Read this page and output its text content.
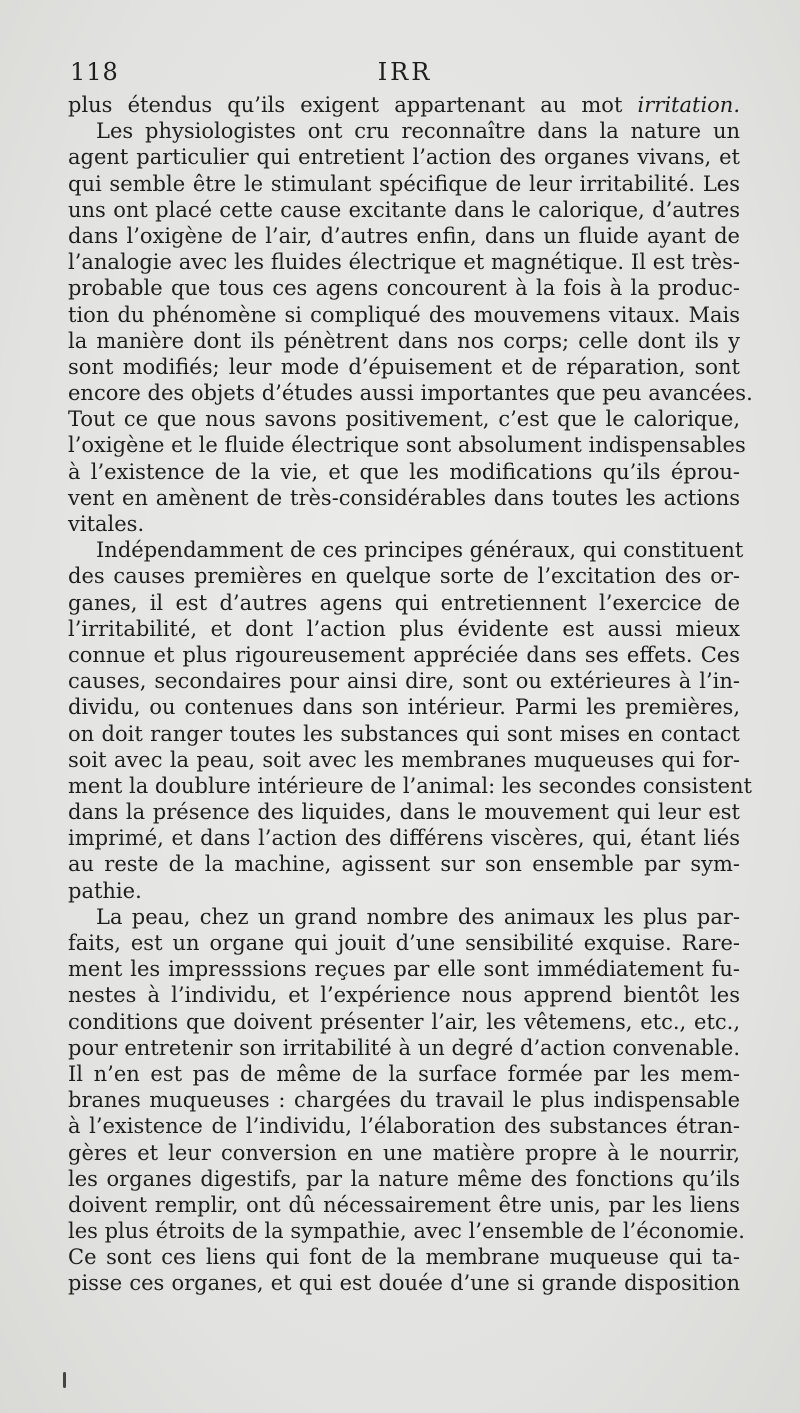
118	IRR
plus étendus qu’ils exigent appartenant au mot irritation.
Les physiologistes ont cru reconnaître dans la nature un
agent particulier qui entretient l’action des organes vivans, et
qui semble être le stimulant spécifique de leur irritabilité. Les
uns ont placé cette cause excitante dans le calorique, d’autres
dans l’oxigène de l’air, d’autres enfin, dans un fluide ayant de
l’analogie avec les fluides électrique et magnétique. Il est très-
probable que tous ces agens concourent à la fois à la produc-
tion du phénomène si compliqué des mouvemens vitaux. Mais
la manière dont ils pénètrent dans nos corps; celle dont ils y
sont modifiés; leur mode d’épuisement et de réparation, sont
encore des objets d’études aussi importantes que peu avancées.
Tout ce que nous savons positivement, c’est que le calorique,
l’oxigène et le fluide électrique sont absolument indispensables
à l’existence de la vie, et que les modifications qu’ils éprou-
vent en amènent de très-considérables dans toutes les actions
vitales.
Indépendamment de ces principes généraux, qui constituent
des causes premières en quelque sorte de l’excitation des or-
ganes, il est d’autres agens qui entretiennent l’exercice de
l’irritabilité, et dont l’action plus évidente est aussi mieux
connue et plus rigoureusement appréciée dans ses effets. Ces
causes, secondaires pour ainsi dire, sont ou extérieures à l’in-
dividu, ou contenues dans son intérieur. Parmi les premières,
on doit ranger toutes les substances qui sont mises en contact
soit avec la peau, soit avec les membranes muqueuses qui for-
ment la doublure intérieure de l’animal: les secondes consistent
dans la présence des liquides, dans le mouvement qui leur est
imprimé, et dans l’action des différens viscères, qui, étant liés
au reste de la machine, agissent sur son ensemble par sym-
pathie.
La peau, chez un grand nombre des animaux les plus par-
faits, est un organe qui jouit d’une sensibilité exquise. Rare-
ment les impresssions reçues par elle sont immédiatement fu-
nestes à l’individu, et l’expérience nous apprend bientôt les
conditions que doivent présenter l’air, les vêtemens, etc., etc.,
pour entretenir son irritabilité à un degré d’action convenable.
Il n’en est pas de même de la surface formée par les mem-
branes muqueuses : chargées du travail le plus indispensable
à l’existence de l’individu, l’élaboration des substances étran-
gères et leur conversion en une matière propre à le nourrir,
les organes digestifs, par la nature même des fonctions qu’ils
doivent remplir, ont dû nécessairement être unis, par les liens
les plus étroits de la sympathie, avec l’ensemble de l’économie.
Ce sont ces liens qui font de la membrane muqueuse qui ta-
pisse ces organes, et qui est douée d’une si grande disposition
